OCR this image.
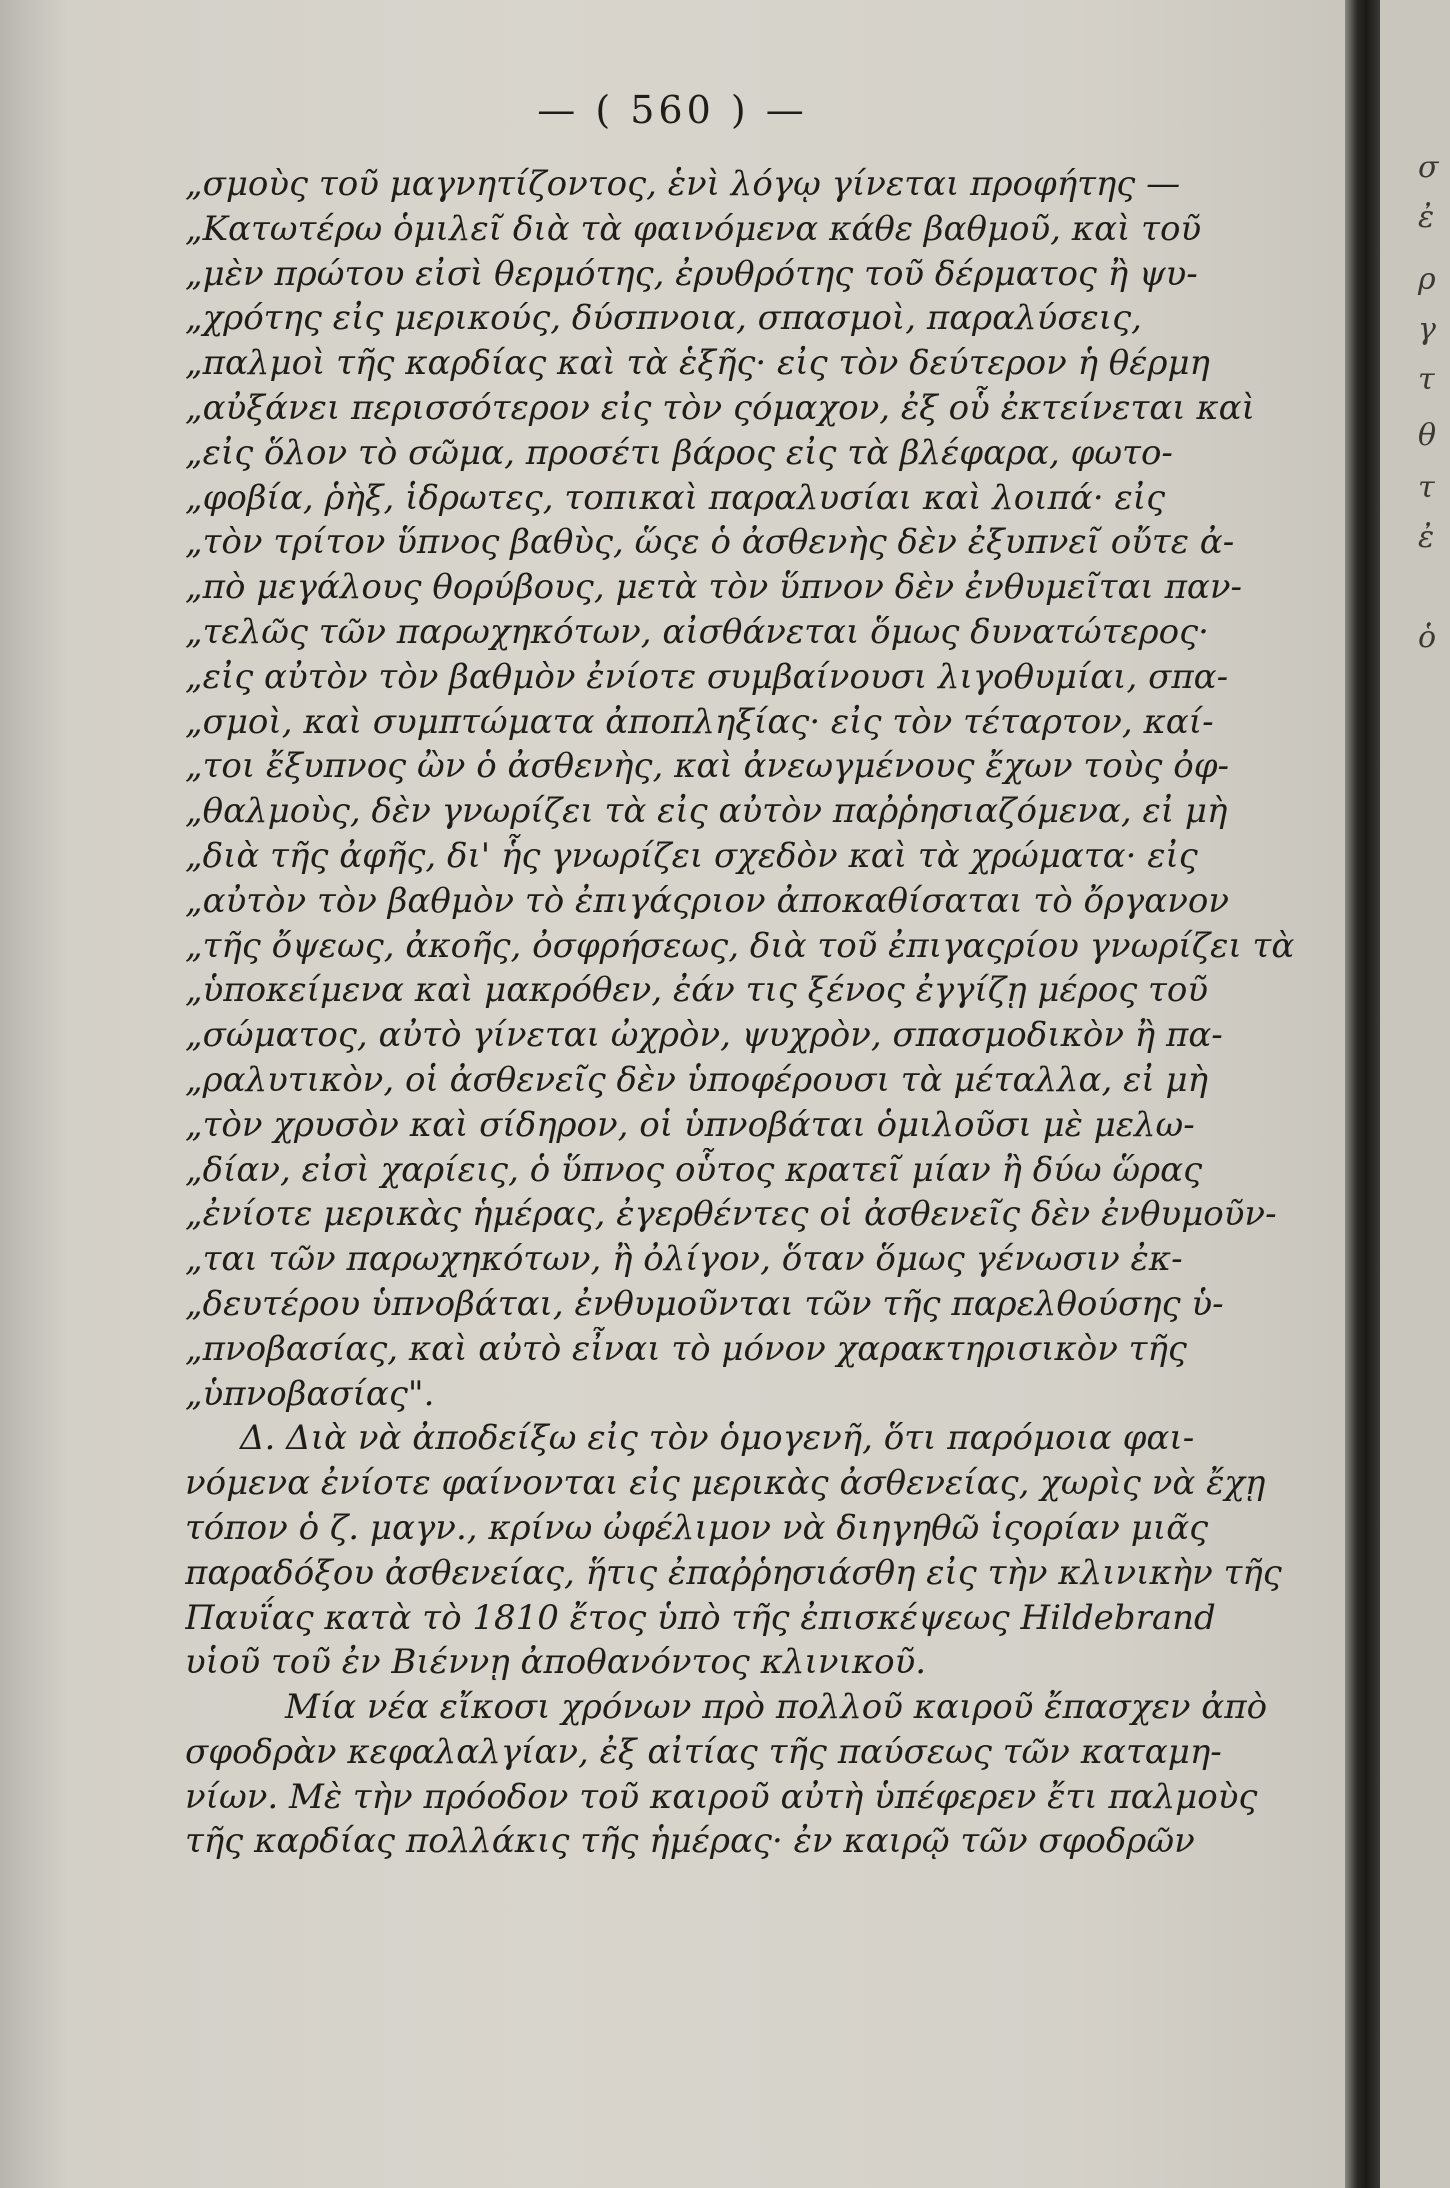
— ( 560 ) —
„σμοὺς τοῦ μαγνητίζοντος, ἑνὶ λόγῳ γίνεται προφήτης —
„Κατωτέρω ὁμιλεῖ διὰ τὰ φαινόμενα κάθε βαθμοῦ, καὶ τοῦ
„μὲν πρώτου εἰσὶ θερμότης, ἐρυθρότης τοῦ δέρματος ἢ ψυ-
„χρότης εἰς μερικούς, δύσπνοια, σπασμοὶ, παραλύσεις,
„παλμοὶ τῆς καρδίας καὶ τὰ ἑξῆς· εἰς τὸν δεύτερον ἡ θέρμη
„αὐξάνει περισσότερον εἰς τὸν ςόμαχον, ἐξ οὗ ἐκτείνεται καὶ
„εἰς ὅλον τὸ σῶμα, προσέτι βάρος εἰς τὰ βλέφαρα, φωτο-
„φοβία, ῥὴξ, ἱδρωτες, τοπικαὶ παραλυσίαι καὶ λοιπά· εἰς
„τὸν τρίτον ὕπνος βαθὺς, ὥςε ὁ ἀσθενὴς δὲν ἐξυπνεῖ οὔτε ἀ-
„πὸ μεγάλους θορύβους, μετὰ τὸν ὕπνον δὲν ἐνθυμεῖται παν-
„τελῶς τῶν παρωχηκότων, αἰσθάνεται ὅμως δυνατώτερος·
„εἰς αὐτὸν τὸν βαθμὸν ἐνίοτε συμβαίνουσι λιγοθυμίαι, σπα-
„σμοὶ, καὶ συμπτώματα ἀποπληξίας· εἰς τὸν τέταρτον, καί-
„τοι ἔξυπνος ὢν ὁ ἀσθενὴς, καὶ ἀνεωγμένους ἔχων τοὺς ὀφ-
„θαλμοὺς, δὲν γνωρίζει τὰ εἰς αὐτὸν παῤῥησιαζόμενα, εἰ μὴ
„διὰ τῆς ἀφῆς, δι' ἧς γνωρίζει σχεδὸν καὶ τὰ χρώματα· εἰς
„αὐτὸν τὸν βαθμὸν τὸ ἐπιγάςριον ἀποκαθίσαται τὸ ὄργανον
„τῆς ὄψεως, ἀκοῆς, ὀσφρήσεως, διὰ τοῦ ἐπιγαςρίου γνωρίζει τὰ
„ὑποκείμενα καὶ μακρόθεν, ἐάν τις ξένος ἐγγίζῃ μέρος τοῦ
„σώματος, αὐτὸ γίνεται ὠχρὸν, ψυχρὸν, σπασμοδικὸν ἢ πα-
„ραλυτικὸν, οἱ ἀσθενεῖς δὲν ὑποφέρουσι τὰ μέταλλα, εἰ μὴ
„τὸν χρυσὸν καὶ σίδηρον, οἱ ὑπνοβάται ὁμιλοῦσι μὲ μελω-
„δίαν, εἰσὶ χαρίεις, ὁ ὕπνος οὗτος κρατεῖ μίαν ἢ δύω ὥρας
„ἐνίοτε μερικὰς ἡμέρας, ἐγερθέντες οἱ ἀσθενεῖς δὲν ἐνθυμοῦν-
„ται τῶν παρωχηκότων, ἢ ὀλίγον, ὅταν ὅμως γένωσιν ἐκ-
„δευτέρου ὑπνοβάται, ἐνθυμοῦνται τῶν τῆς παρελθούσης ὑ-
„πνοβασίας, καὶ αὐτὸ εἶναι τὸ μόνον χαρακτηρισικὸν τῆς
„ὑπνοβασίας".
Δ. Διὰ νὰ ἀποδείξω εἰς τὸν ὁμογενῆ, ὅτι παρόμοια φαι-
νόμενα ἐνίοτε φαίνονται εἰς μερικὰς ἀσθενείας, χωρὶς νὰ ἔχῃ
τόπον ὁ ζ. μαγν., κρίνω ὠφέλιμον νὰ διηγηθῶ ἱςορίαν μιᾶς
παραδόξου ἀσθενείας, ἥτις ἐπαῤῥησιάσθη εἰς τὴν κλινικὴν τῆς
Παυΐας κατὰ τὸ 1810 ἔτος ὑπὸ τῆς ἐπισκέψεως Hildebrand
υἱοῦ τοῦ ἐν Βιέννῃ ἀποθανόντος κλινικοῦ.
Μία νέα εἴκοσι χρόνων πρὸ πολλοῦ καιροῦ ἔπασχεν ἀπὸ
σφοδρὰν κεφαλαλγίαν, ἐξ αἰτίας τῆς παύσεως τῶν καταμη-
νίων. Μὲ τὴν πρόοδον τοῦ καιροῦ αὐτὴ ὑπέφερεν ἔτι παλμοὺς
τῆς καρδίας πολλάκις τῆς ἡμέρας· ἐν καιρῷ τῶν σφοδρῶν
σ
ἐ
ρ
γ
τ
θ
τ
ἐ
ὁ
